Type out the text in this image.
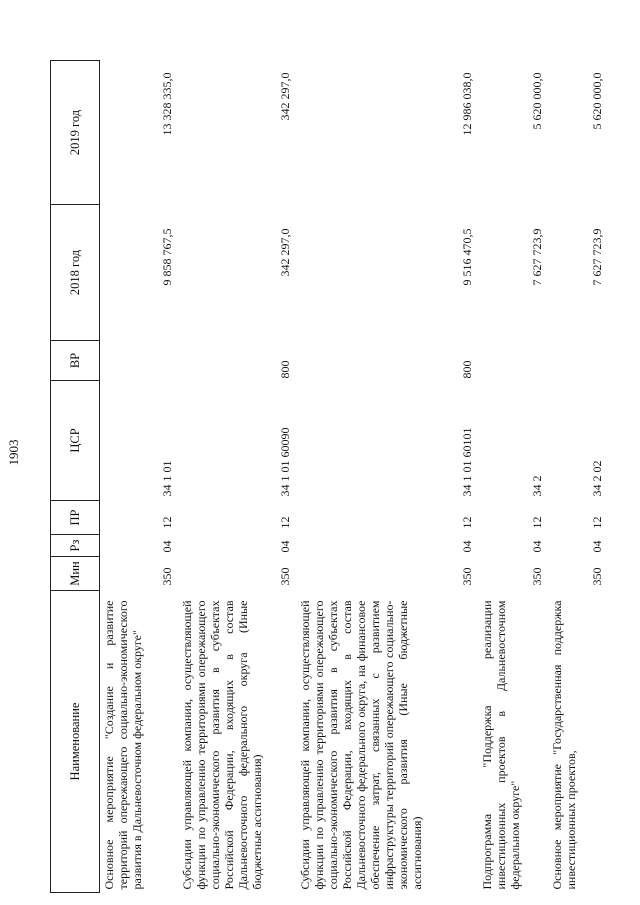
1903
Наименование	Мин	Рз	ПР	ЦСР	ВР	2018 год	2019 год
Основное мероприятие "Создание и развитие территорий опережающего социально-экономического развития в Дальневосточном федеральном округе"	350	04	12	34 1 01		9 858 767,5	13 328 335,0
Субсидии управляющей компании, осуществляющей функции по управлению территориями опережающего социально-экономического развития в субъектах Российской Федерации, входящих в состав Дальневосточного федерального округа (Иные бюджетные ассигнования)	350	04	12	34 1 01 60090	800	342 297,0	342 297,0
Субсидии управляющей компании, осуществляющей функции по управлению территориями опережающего социально-экономического развития в субъектах Российской Федерации, входящих в состав Дальневосточного федерального округа, на финансовое обеспечение затрат, связанных с развитием инфраструктуры территорий опережающего социально-экономического развития (Иные бюджетные ассигнования)	350	04	12	34 1 01 60101	800	9 516 470,5	12 986 038,0
Подпрограмма "Поддержка реализации инвестиционных проектов в Дальневосточном федеральном округе"	350	04	12	34 2		7 627 723,9	5 620 000,0
Основное мероприятие "Государственная поддержка инвестиционных проектов,	350	04	12	34 2 02		7 627 723,9	5 620 000,0
